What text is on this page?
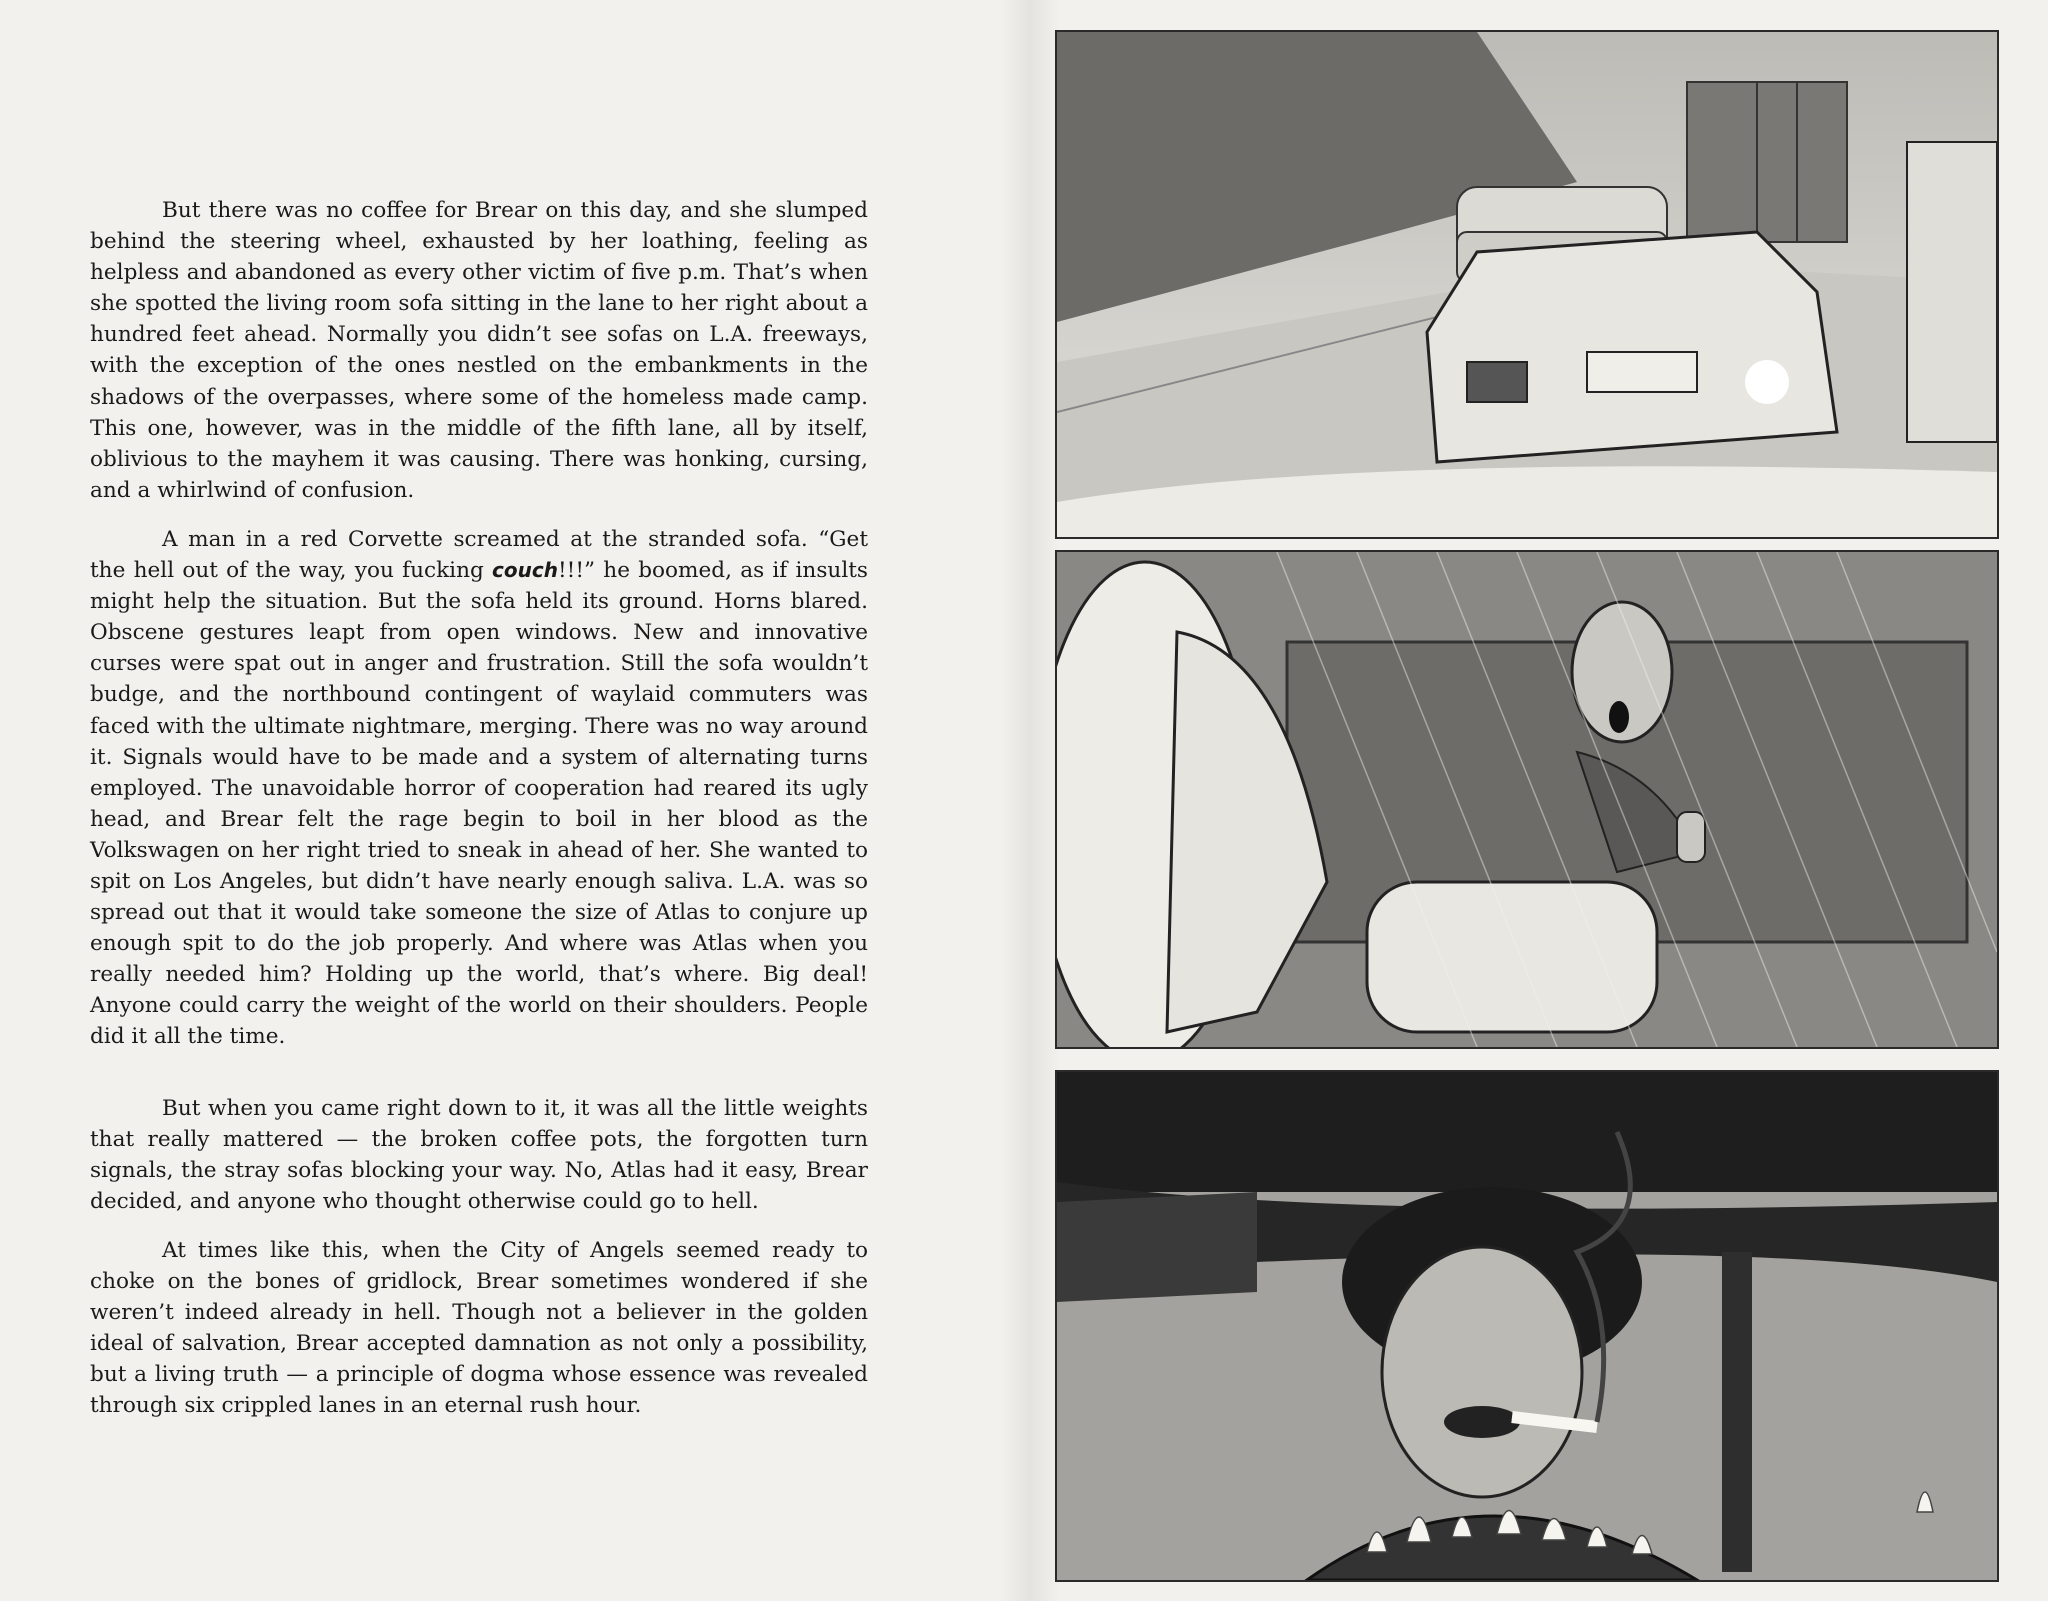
But there was no coffee for Brear on this day, and she slumped behind the steering wheel, exhausted by her loathing, feeling as helpless and abandoned as every other victim of five p.m. That’s when she spotted the living room sofa sitting in the lane to her right about a hundred feet ahead. Normally you didn’t see sofas on L.A. freeways, with the exception of the ones nestled on the embankments in the shadows of the overpasses, where some of the homeless made camp. This one, however, was in the middle of the fifth lane, all by itself, oblivious to the mayhem it was causing. There was honking, cursing, and a whirlwind of confusion.

A man in a red Corvette screamed at the stranded sofa. “Get the hell out of the way, you fucking couch!!!” he boomed, as if insults might help the situation. But the sofa held its ground. Horns blared. Obscene gestures leapt from open windows. New and innovative curses were spat out in anger and frustration. Still the sofa wouldn’t budge, and the northbound contingent of waylaid commuters was faced with the ultimate nightmare, merging. There was no way around it. Signals would have to be made and a system of alternating turns employed. The unavoidable horror of cooperation had reared its ugly head, and Brear felt the rage begin to boil in her blood as the Volkswagen on her right tried to sneak in ahead of her. She wanted to spit on Los Angeles, but didn’t have nearly enough saliva. L.A. was so spread out that it would take someone the size of Atlas to conjure up enough spit to do the job properly. And where was Atlas when you really needed him? Holding up the world, that’s where. Big deal! Anyone could carry the weight of the world on their shoulders. People did it all the time.

But when you came right down to it, it was all the little weights that really mattered — the broken coffee pots, the forgotten turn signals, the stray sofas blocking your way. No, Atlas had it easy, Brear decided, and anyone who thought otherwise could go to hell.

At times like this, when the City of Angels seemed ready to choke on the bones of gridlock, Brear sometimes wondered if she weren’t indeed already in hell. Though not a believer in the golden ideal of salvation, Brear accepted damnation as not only a possibility, but a living truth — a principle of dogma whose essence was revealed through six crippled lanes in an eternal rush hour.
